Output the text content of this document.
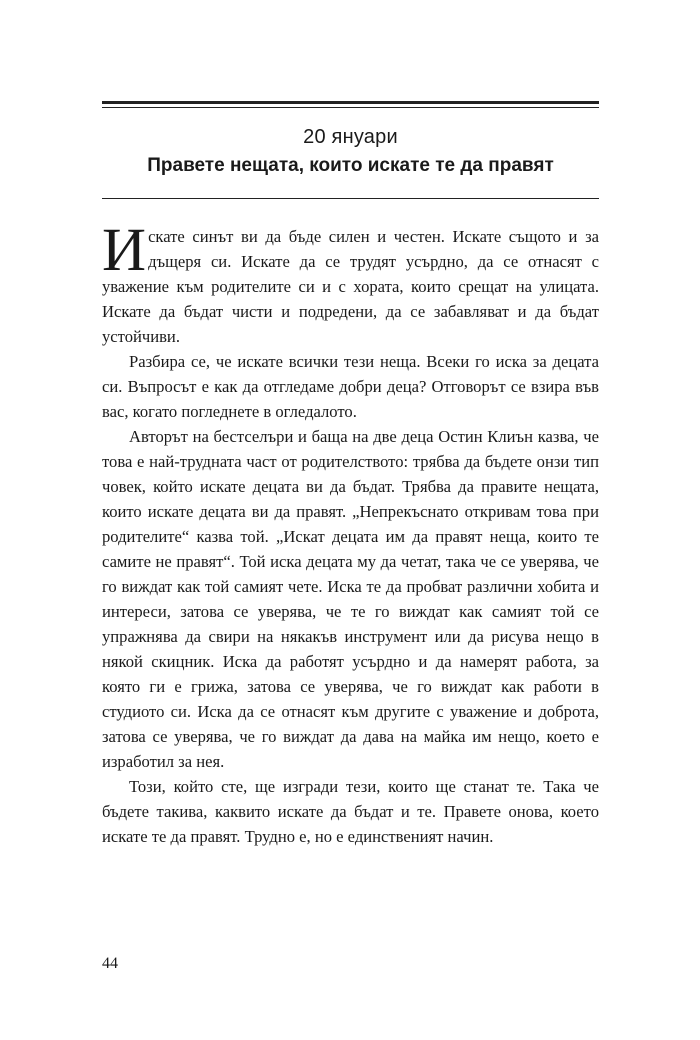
20 януари
Правете нещата, които искате те да правят

Искате синът ви да бъде силен и честен. Искате същото и за дъщеря си. Искате да се трудят усърдно, да се отнасят с уважение към родителите си и с хората, които срещат на улицата. Искате да бъдат чисти и подредени, да се забавляват и да бъдат устойчиви.

Разбира се, че искате всички тези неща. Всеки го иска за децата си. Въпросът е как да отгледаме добри деца? Отговорът се взира във вас, когато погледнете в огледалото.

Авторът на бестселъри и баща на две деца Остин Клиън казва, че това е най-трудната част от родителството: трябва да бъдете онзи тип човек, който искате децата ви да бъдат. Трябва да правите нещата, които искате децата ви да правят. „Непрекъснато откривам това при родителите“ казва той. „Искат децата им да правят неща, които те самите не правят“. Той иска децата му да четат, така че се уверява, че го виждат как той самият чете. Иска те да пробват различни хобита и интереси, затова се уверява, че те го виждат как самият той се упражнява да свири на някакъв инструмент или да рисува нещо в някой скицник. Иска да работят усърдно и да намерят работа, за която ги е грижа, затова се уверява, че го виждат как работи в студиото си. Иска да се отнасят към другите с уважение и доброта, затова се уверява, че го виждат да дава на майка им нещо, което е изработил за нея.

Този, който сте, ще изгради тези, които ще станат те. Така че бъдете такива, каквито искате да бъдат и те. Правете онова, което искате те да правят. Трудно е, но е единственият начин.

44
